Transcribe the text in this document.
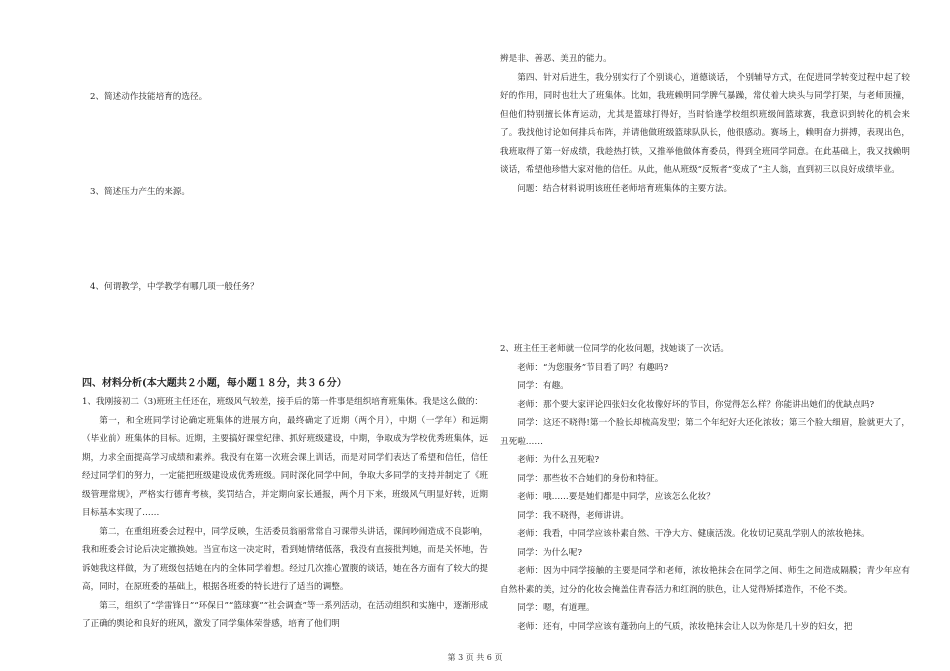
2、简述动作技能培育的选径。

3、简述压力产生的来源。

4、何谓教学，中学教学有哪几项一般任务？

四、材料分析(本大题共２小题，每小题１８分，共３６分）

1、我刚接初二（3)班班主任还在，班级风气较差，接手后的第一件事是组织培育班集体。我是这么做的：

第一，和全班同学讨论确定班集体的进展方向，最终确定了近期（两个月），中期（一学年）和远期（毕业前）班集体的目标。近期，主要搞好课堂纪律、抓好班级建设，中期，争取成为学校优秀班集体，远期，力求全面提高学习成绩和素养。我没有在第一次班会课上训话，而是对同学们表达了希望和信任，信任经过同学们的努力，一定能把班级建设成优秀班级。同时深化同学中间，争取大多同学的支持并制定了《班级管理常规》，严格实行德育考核，奖罚结合，并定期向家长通报，两个月下来，班级风气明显好转，近期目标基本实现了……

第二，在重组班委会过程中，同学反映，生活委员翁丽常常自习课带头讲话，课间吵闹造成不良影响，我和班委会讨论后决定撤换她。当宣布这一决定时，看到她情绪低落，我没有直接批判她，而是关怀地，告诉她我这样做，为了班级包括她在内的全体同学着想。经过几次推心置腹的谈话，她在各方面有了较大的提高，同时，在原班委的基础上，根据各班委的特长进行了适当的调整。

第三，组织了“学雷锋日”“环保日”“篮球赛”“社会调查”等一系列活动，在活动组织和实施中，逐渐形成了正确的舆论和良好的班风，激发了同学集体荣誉感，培育了他们明

辨是非、善恶、美丑的能力。

第四、针对后进生，我分别实行了个别谈心，道德谈话， 个别辅导方式，在促进同学转变过程中起了较好的作用，同时也壮大了班集体。比如，我班赖明同学脾气暴躁，常仗着大块头与同学打架，与老师顶撞，但他们特别擅长体育运动，尤其是篮球打得好，当时恰逢学校组织班级间篮球赛，我意识到转化的机会来了。我找他讨论如何排兵布阵，并请他做班级篮球队队长，他很感动。赛场上，赖明奋力拼搏，表现出色，我班取得了第一好成绩，我趁热打铁，又推举他做体育委员，得到全班同学同意。在此基础上，我又找赖明谈话，希望他珍惜大家对他的信任。从此，他从班级“反叛者”变成了“主人翁，直到初三以良好成绩毕业。

问题：结合材料说明该班任老师培育班集体的主要方法。

2、班主任王老师就一位同学的化妆问题，找她谈了一次话。

老师：“为您服务”节目看了吗？有趣吗?

同学：有趣。

老师：那个要大家评论四张妇女化妆像好坏的节目，你觉得怎么样？你能讲出她们的优缺点吗?

同学：这还不晓得!第一个脸长却梳高发型；第二个年纪好大还化浓妆；第三个脸大细眉，脸就更大了，丑死啦……

老师：为什么丑死啦?

同学：那些妆不合她们的身份和特征。

老师：哦……要是她们都是中同学，应该怎么化妆？

同学：我不晓得，老师讲讲。

老师：我看，中同学应该朴素自然、干净大方、健康活泼。化妆切记莫乱学别人的浓妆艳抹。

同学：为什么呢?

老师：因为中同学接触的主要是同学和老师，浓妆艳抹会在同学之间、师生之间造成隔膜；青少年应有自然朴素的美，过分的化妆会掩盖住青春活力和红润的肤色，让人觉得矫揉造作，不伦不类。

同学：嗯，有道理。

老师：还有，中同学应该有蓬勃向上的气质，浓妆艳抹会让人以为你是几十岁的妇女，把

第 3 页 共 6 页
